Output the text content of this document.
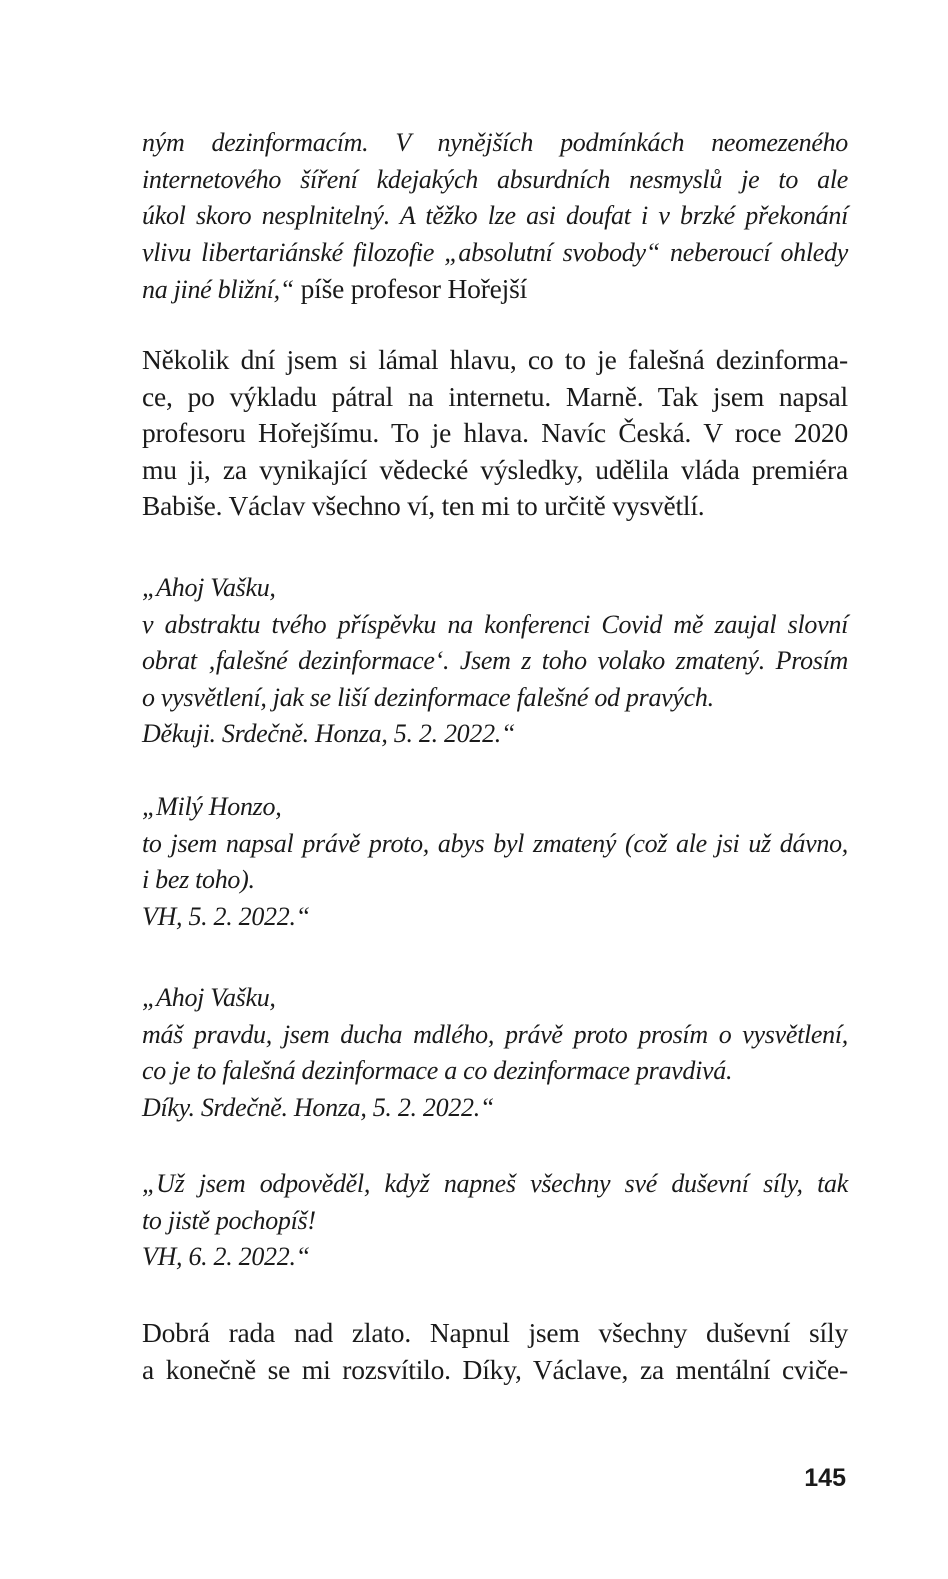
ným dezinformacím. V nynějších podmínkách neomezeného
internetového šíření kdejakých absurdních nesmyslů je to ale
úkol skoro nesplnitelný. A těžko lze asi doufat i v brzké překonání
vlivu libertariánské filozofie „absolutní svobody“ neberoucí ohledy
na jiné bližní,“ píše profesor Hořejší
Několik dní jsem si lámal hlavu, co to je falešná dezinforma-
ce, po výkladu pátral na internetu. Marně. Tak jsem napsal
profesoru Hořejšímu. To je hlava. Navíc Česká. V roce 2020
mu ji, za vynikající vědecké výsledky, udělila vláda premiéra
Babiše. Václav všechno ví, ten mi to určitě vysvětlí.
„Ahoj Vašku,
v abstraktu tvého příspěvku na konferenci Covid mě zaujal slovní
obrat ‚falešné dezinformace‘. Jsem z toho volako zmatený. Prosím
o vysvětlení, jak se liší dezinformace falešné od pravých.
Děkuji. Srdečně. Honza, 5. 2. 2022.“
„Milý Honzo,
to jsem napsal právě proto, abys byl zmatený (což ale jsi už dávno,
i bez toho).
VH, 5. 2. 2022.“
„Ahoj Vašku,
máš pravdu, jsem ducha mdlého, právě proto prosím o vysvětlení,
co je to falešná dezinformace a co dezinformace pravdivá.
Díky. Srdečně. Honza, 5. 2. 2022.“
„Už jsem odpověděl, když napneš všechny své duševní síly, tak
to jistě pochopíš!
VH, 6. 2. 2022.“
Dobrá rada nad zlato. Napnul jsem všechny duševní síly
a konečně se mi rozsvítilo. Díky, Václave, za mentální cviče-
145
